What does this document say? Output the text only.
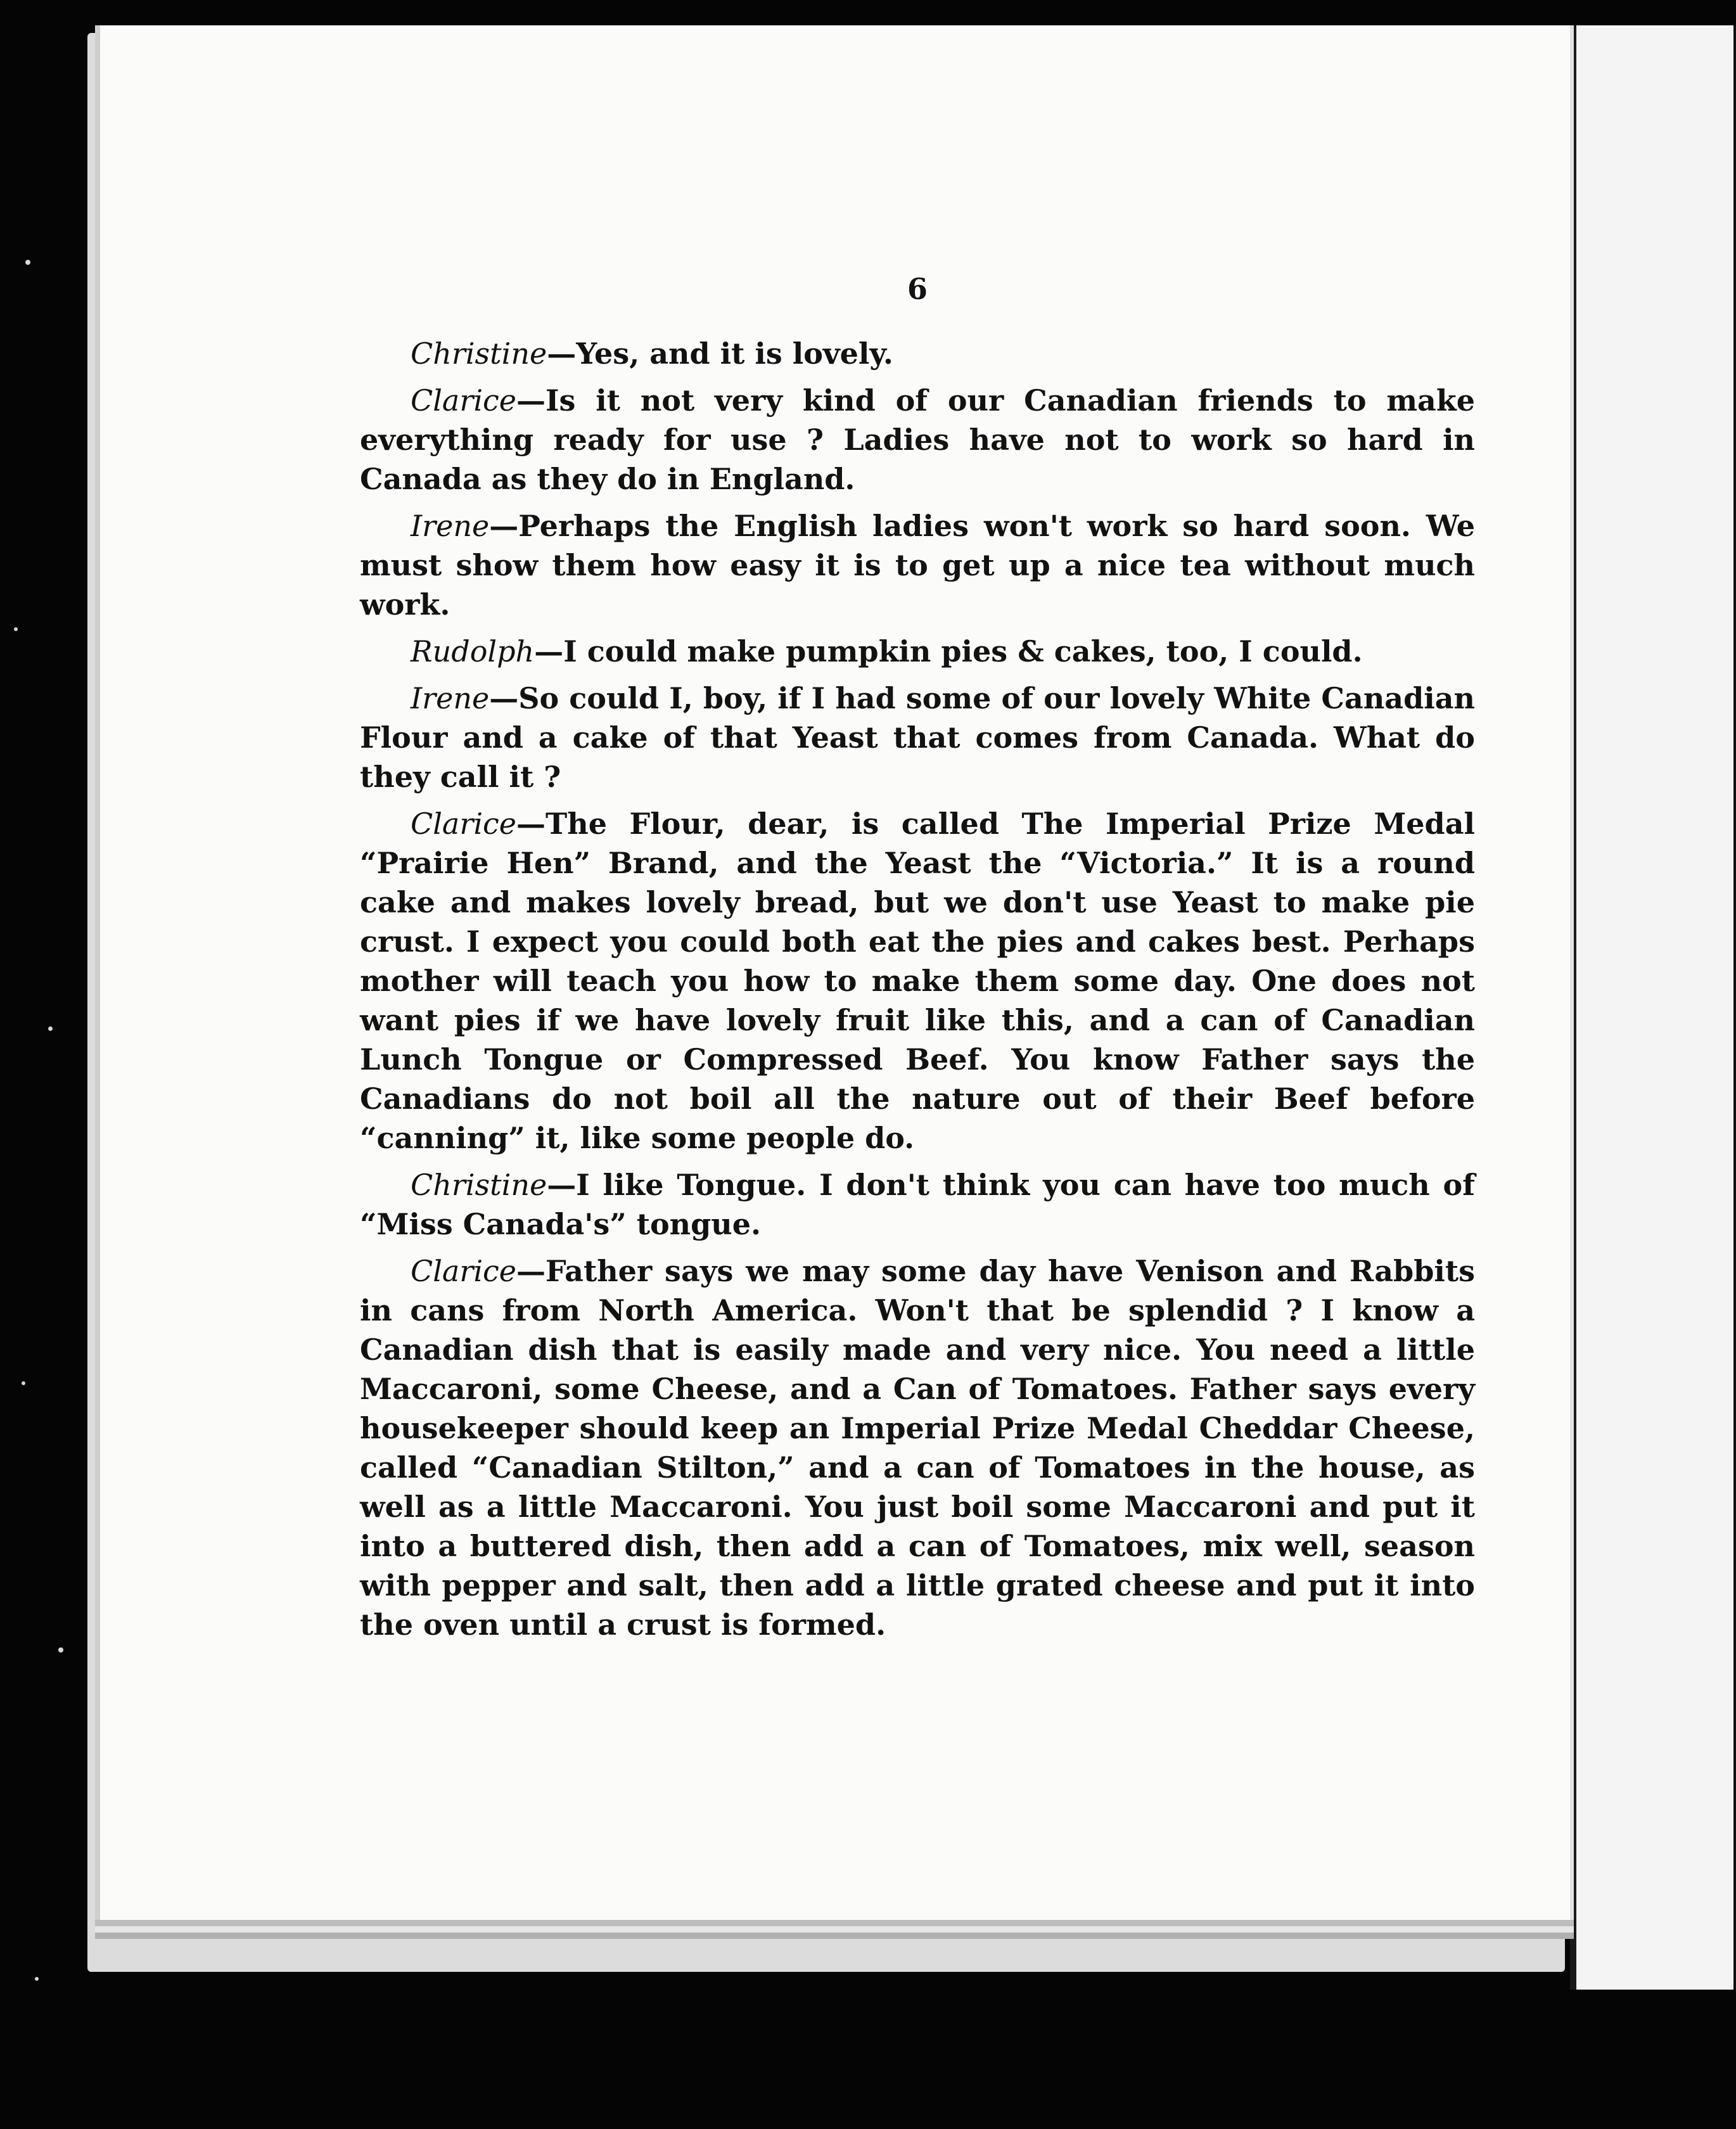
6

Christine—Yes, and it is lovely.

Clarice—Is it not very kind of our Canadian friends to make everything ready for use ? Ladies have not to work so hard in Canada as they do in England.

Irene—Perhaps the English ladies won't work so hard soon. We must show them how easy it is to get up a nice tea without much work.

Rudolph—I could make pumpkin pies & cakes, too, I could.

Irene—So could I, boy, if I had some of our lovely White Canadian Flour and a cake of that Yeast that comes from Canada. What do they call it ?

Clarice—The Flour, dear, is called The Imperial Prize Medal “Prairie Hen” Brand, and the Yeast the “Victoria.” It is a round cake and makes lovely bread, but we don't use Yeast to make pie crust. I expect you could both eat the pies and cakes best. Perhaps mother will teach you how to make them some day. One does not want pies if we have lovely fruit like this, and a can of Canadian Lunch Tongue or Compressed Beef. You know Father says the Canadians do not boil all the nature out of their Beef before “canning” it, like some people do.

Christine—I like Tongue. I don't think you can have too much of “Miss Canada's” tongue.

Clarice—Father says we may some day have Venison and Rabbits in cans from North America. Won't that be splendid ? I know a Canadian dish that is easily made and very nice. You need a little Maccaroni, some Cheese, and a Can of Tomatoes. Father says every housekeeper should keep an Imperial Prize Medal Cheddar Cheese, called “Canadian Stilton,” and a can of Tomatoes in the house, as well as a little Maccaroni. You just boil some Maccaroni and put it into a buttered dish, then add a can of Tomatoes, mix well, season with pepper and salt, then add a little grated cheese and put it into the oven until a crust is formed.
